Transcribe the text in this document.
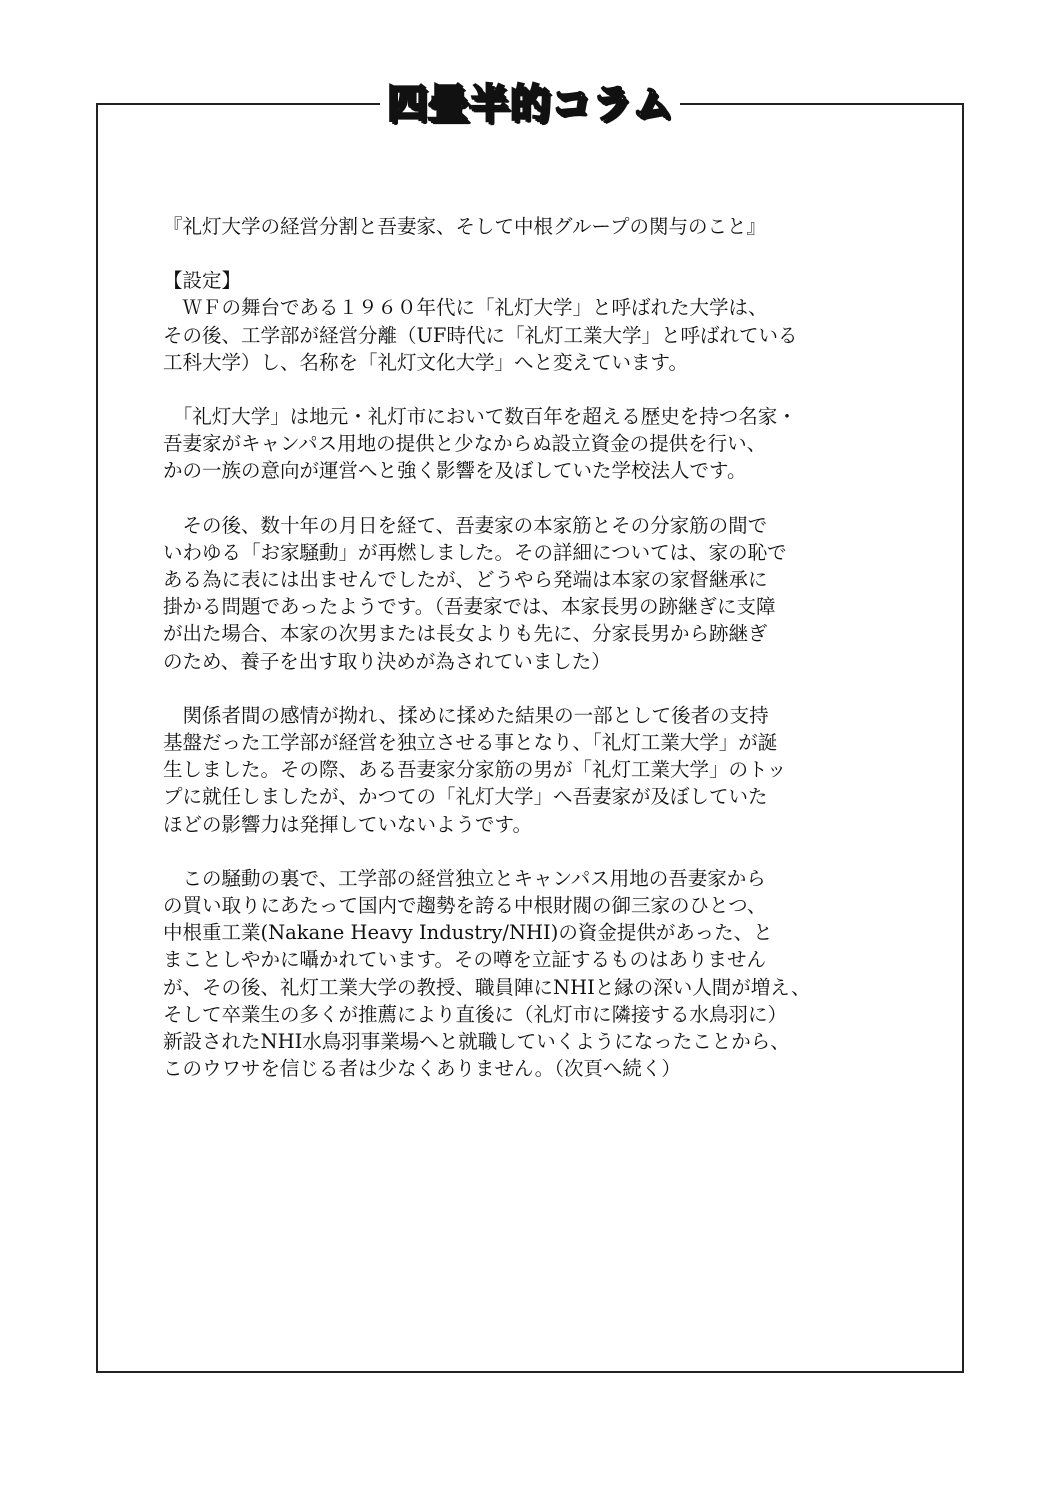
四畳半的コラム

『礼灯大学の経営分割と吾妻家、そして中根グループの関与のこと』

【設定】

　ＷＦの舞台である１９６０年代に「礼灯大学」と呼ばれた大学は、
その後、工学部が経営分離（UF時代に「礼灯工業大学」と呼ばれている
工科大学）し、名称を「礼灯文化大学」へと変えています。

　「礼灯大学」は地元・礼灯市において数百年を超える歴史を持つ名家・
吾妻家がキャンパス用地の提供と少なからぬ設立資金の提供を行い、
かの一族の意向が運営へと強く影響を及ぼしていた学校法人です。

　その後、数十年の月日を経て、吾妻家の本家筋とその分家筋の間で
いわゆる「お家騒動」が再燃しました。その詳細については、家の恥で
ある為に表には出ませんでしたが、どうやら発端は本家の家督継承に
掛かる問題であったようです。（吾妻家では、本家長男の跡継ぎに支障
が出た場合、本家の次男または長女よりも先に、分家長男から跡継ぎ
のため、養子を出す取り決めが為されていました）

　関係者間の感情が拗れ、揉めに揉めた結果の一部として後者の支持
基盤だった工学部が経営を独立させる事となり、「礼灯工業大学」が誕
生しました。その際、ある吾妻家分家筋の男が「礼灯工業大学」のトッ
プに就任しましたが、かつての「礼灯大学」へ吾妻家が及ぼしていた
ほどの影響力は発揮していないようです。

　この騒動の裏で、工学部の経営独立とキャンパス用地の吾妻家から
の買い取りにあたって国内で趨勢を誇る中根財閥の御三家のひとつ、
中根重工業(Nakane Heavy Industry/NHI)の資金提供があった、と
まことしやかに囁かれています。その噂を立証するものはありません
が、その後、礼灯工業大学の教授、職員陣にNHIと縁の深い人間が増え、
そして卒業生の多くが推薦により直後に（礼灯市に隣接する水鳥羽に）
新設されたNHI水鳥羽事業場へと就職していくようになったことから、
このウワサを信じる者は少なくありません。（次頁へ続く）
